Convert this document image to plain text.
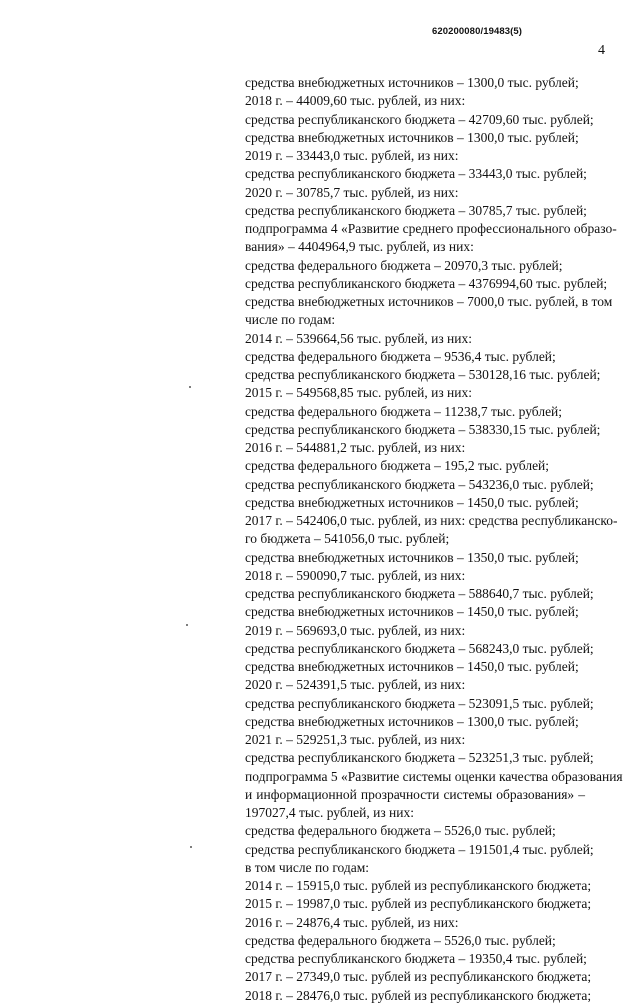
620200080/19483(5)
4
средства внебюджетных источников – 1300,0 тыс. рублей;
2018 г. – 44009,60 тыс. рублей, из них:
средства республиканского бюджета – 42709,60 тыс. рублей;
средства внебюджетных источников – 1300,0 тыс. рублей;
2019 г. – 33443,0 тыс. рублей, из них:
средства республиканского бюджета – 33443,0 тыс. рублей;
2020 г. – 30785,7 тыс. рублей, из них:
средства республиканского бюджета – 30785,7 тыс. рублей;
подпрограмма 4 «Развитие среднего профессионального образо-
вания» – 4404964,9 тыс. рублей, из них:
средства федерального бюджета – 20970,3 тыс. рублей;
средства республиканского бюджета – 4376994,60 тыс. рублей;
средства внебюджетных источников – 7000,0 тыс. рублей, в том
числе по годам:
2014 г. – 539664,56 тыс. рублей, из них:
средства федерального бюджета – 9536,4 тыс. рублей;
средства республиканского бюджета – 530128,16 тыс. рублей;
2015 г. – 549568,85 тыс. рублей, из них:
средства федерального бюджета – 11238,7 тыс. рублей;
средства республиканского бюджета – 538330,15 тыс. рублей;
2016 г. – 544881,2 тыс. рублей, из них:
средства федерального бюджета – 195,2 тыс. рублей;
средства республиканского бюджета – 543236,0 тыс. рублей;
средства внебюджетных источников – 1450,0 тыс. рублей;
2017 г. – 542406,0 тыс. рублей, из них: средства республиканско-
го бюджета – 541056,0 тыс. рублей;
средства внебюджетных источников – 1350,0 тыс. рублей;
2018 г. – 590090,7 тыс. рублей, из них:
средства республиканского бюджета – 588640,7 тыс. рублей;
средства внебюджетных источников – 1450,0 тыс. рублей;
2019 г. – 569693,0 тыс. рублей, из них:
средства республиканского бюджета – 568243,0 тыс. рублей;
средства внебюджетных источников – 1450,0 тыс. рублей;
2020 г. – 524391,5 тыс. рублей, из них:
средства республиканского бюджета – 523091,5 тыс. рублей;
средства внебюджетных источников – 1300,0 тыс. рублей;
2021 г. – 529251,3 тыс. рублей, из них:
средства республиканского бюджета – 523251,3 тыс. рублей;
подпрограмма 5 «Развитие системы оценки качества образования
и информационной прозрачности системы образования» –
197027,4 тыс. рублей, из них:
средства федерального бюджета – 5526,0 тыс. рублей;
средства республиканского бюджета – 191501,4 тыс. рублей;
в том числе по годам:
2014 г. – 15915,0 тыс. рублей из республиканского бюджета;
2015 г. – 19987,0 тыс. рублей из республиканского бюджета;
2016 г. – 24876,4 тыс. рублей, из них:
средства федерального бюджета – 5526,0 тыс. рублей;
средства республиканского бюджета – 19350,4 тыс. рублей;
2017 г. – 27349,0 тыс. рублей из республиканского бюджета;
2018 г. – 28476,0 тыс. рублей из республиканского бюджета;
